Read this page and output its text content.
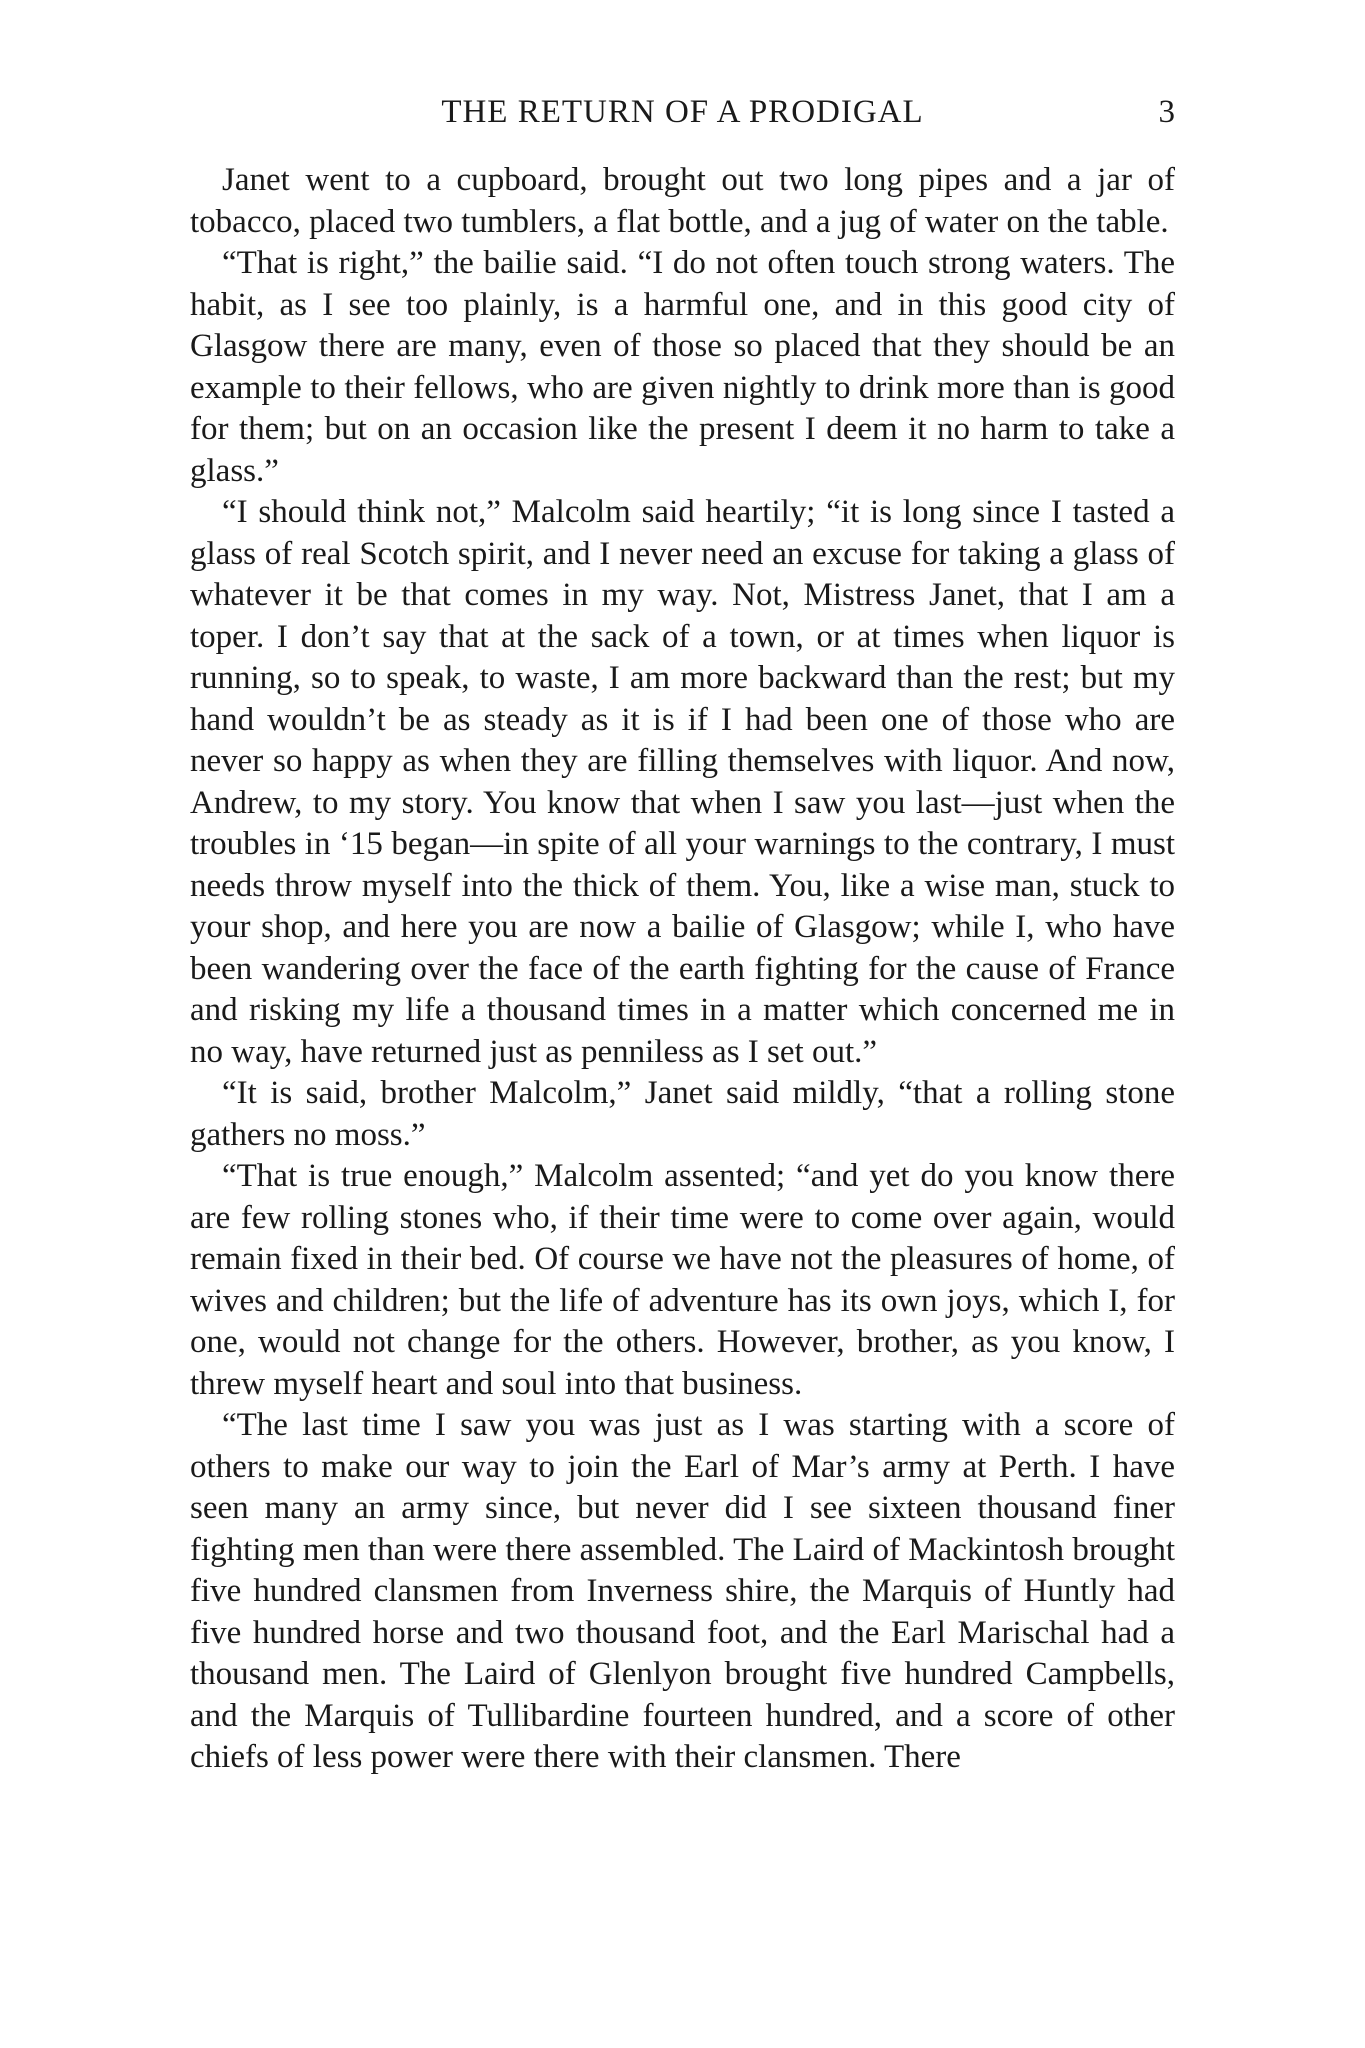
THE RETURN OF A PRODIGAL	3

Janet went to a cupboard, brought out two long pipes and a jar of tobacco, placed two tumblers, a flat bottle, and a jug of water on the table.

“That is right,” the bailie said. “I do not often touch strong waters. The habit, as I see too plainly, is a harmful one, and in this good city of Glasgow there are many, even of those so placed that they should be an example to their fellows, who are given nightly to drink more than is good for them; but on an occasion like the present I deem it no harm to take a glass.”

“I should think not,” Malcolm said heartily; “it is long since I tasted a glass of real Scotch spirit, and I never need an excuse for taking a glass of whatever it be that comes in my way. Not, Mistress Janet, that I am a toper. I don’t say that at the sack of a town, or at times when liquor is running, so to speak, to waste, I am more backward than the rest; but my hand wouldn’t be as steady as it is if I had been one of those who are never so happy as when they are filling themselves with liquor. And now, Andrew, to my story. You know that when I saw you last—just when the troubles in ‘15 began—in spite of all your warnings to the contrary, I must needs throw myself into the thick of them. You, like a wise man, stuck to your shop, and here you are now a bailie of Glasgow; while I, who have been wandering over the face of the earth fighting for the cause of France and risking my life a thousand times in a matter which concerned me in no way, have returned just as penniless as I set out.”

“It is said, brother Malcolm,” Janet said mildly, “that a rolling stone gathers no moss.”

“That is true enough,” Malcolm assented; “and yet do you know there are few rolling stones who, if their time were to come over again, would remain fixed in their bed. Of course we have not the pleasures of home, of wives and children; but the life of adventure has its own joys, which I, for one, would not change for the others. However, brother, as you know, I threw myself heart and soul into that business.

“The last time I saw you was just as I was starting with a score of others to make our way to join the Earl of Mar’s army at Perth. I have seen many an army since, but never did I see sixteen thousand finer fighting men than were there assembled. The Laird of Mackintosh brought five hundred clansmen from Inverness shire, the Marquis of Huntly had five hundred horse and two thousand foot, and the Earl Marischal had a thousand men. The Laird of Glenlyon brought five hundred Campbells, and the Marquis of Tullibardine fourteen hundred, and a score of other chiefs of less power were there with their clansmen. There
